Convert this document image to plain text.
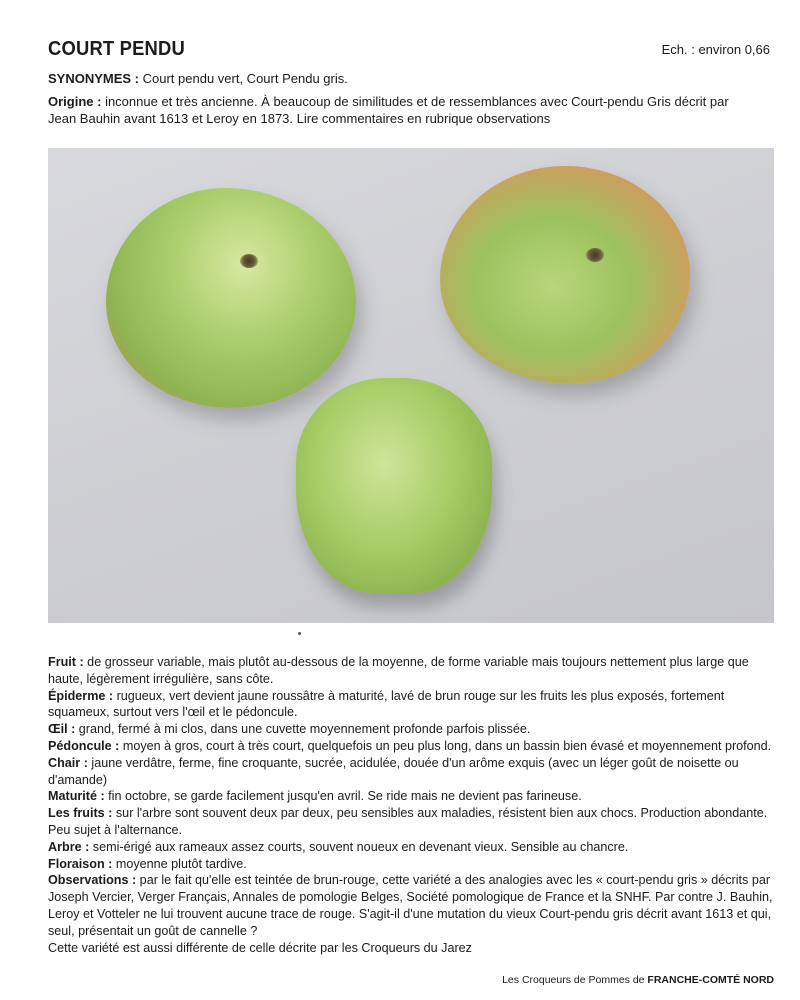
COURT PENDU	Ech. : environ 0,66
SYNONYMES : Court pendu vert, Court Pendu gris.
Origine : inconnue et très ancienne. À beaucoup de similitudes et de ressemblances avec Court-pendu Gris décrit par
Jean Bauhin avant 1613 et Leroy en 1873. Lire commentaires en rubrique observations

Fruit : de grosseur variable, mais plutôt au-dessous de la moyenne, de forme variable mais toujours nettement plus large que haute, légèrement irrégulière, sans côte.

Épiderme : rugueux, vert devient jaune roussâtre à maturité, lavé de brun rouge sur les fruits les plus exposés, fortement squameux, surtout vers l'œil et le pédoncule.

Œil : grand, fermé à mi clos, dans une cuvette moyennement profonde parfois plissée.

Pédoncule : moyen à gros, court à très court, quelquefois un peu plus long, dans un bassin bien évasé et moyennement profond.

Chair : jaune verdâtre, ferme, fine croquante, sucrée, acidulée, douée d'un arôme exquis (avec un léger goût de noisette ou d'amande)

Maturité : fin octobre, se garde facilement jusqu'en avril. Se ride mais ne devient pas farineuse.

Les fruits : sur l'arbre sont souvent deux par deux, peu sensibles aux maladies, résistent bien aux chocs. Production abondante. Peu sujet à l'alternance.

Arbre : semi-érigé aux rameaux assez courts, souvent noueux en devenant vieux. Sensible au chancre.

Floraison : moyenne plutôt tardive.

Observations : par le fait qu'elle est teintée de brun-rouge, cette variété a des analogies avec les « court-pendu gris » décrits par Joseph Vercier, Verger Français, Annales de pomologie Belges, Société pomologique de France et la SNHF. Par contre J. Bauhin, Leroy et Votteler ne lui trouvent aucune trace de rouge. S'agit-il d'une mutation du vieux Court-pendu gris décrit avant 1613 et qui, seul, présentait un goût de cannelle ?

Cette variété est aussi différente de celle décrite par les Croqueurs du Jarez

Les Croqueurs de Pommes de FRANCHE-COMTÉ NORD
